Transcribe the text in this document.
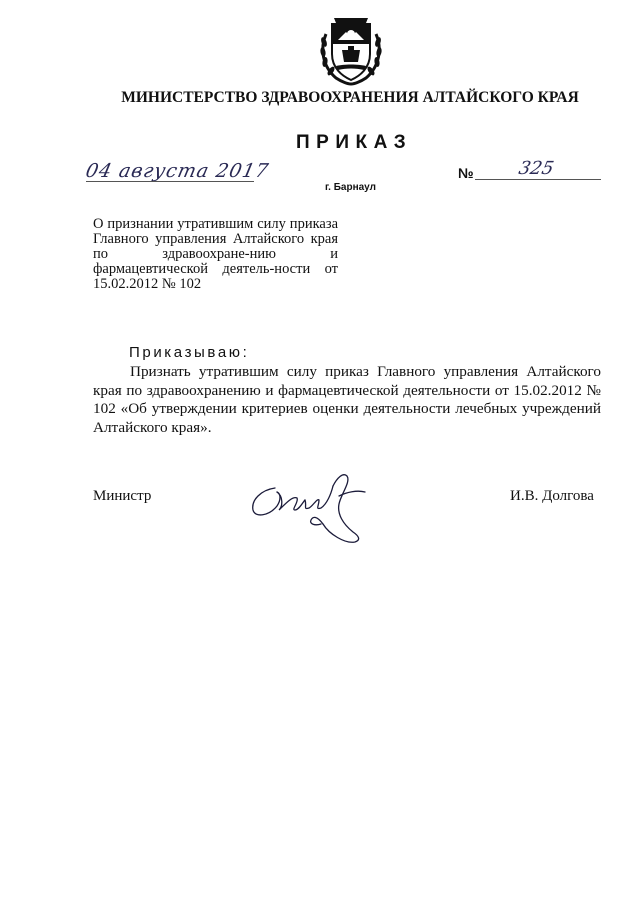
МИНИСТЕРСТВО ЗДРАВООХРАНЕНИЯ АЛТАЙСКОГО КРАЯ
ПРИКАЗ
04 августа 2017
г. Барнаул
№ 325
О признании утратившим силу приказа Главного управления Алтайского края по здравоохране-нию и фармацевтической деятель-ности от 15.02.2012 № 102
Приказываю:
Признать утратившим силу приказ Главного управления Алтайского края по здравоохранению и фармацевтической деятельности от 15.02.2012 № 102 «Об утверждении критериев оценки деятельности лечебных учреждений Алтайского края».
Министр	И.В. Долгова
